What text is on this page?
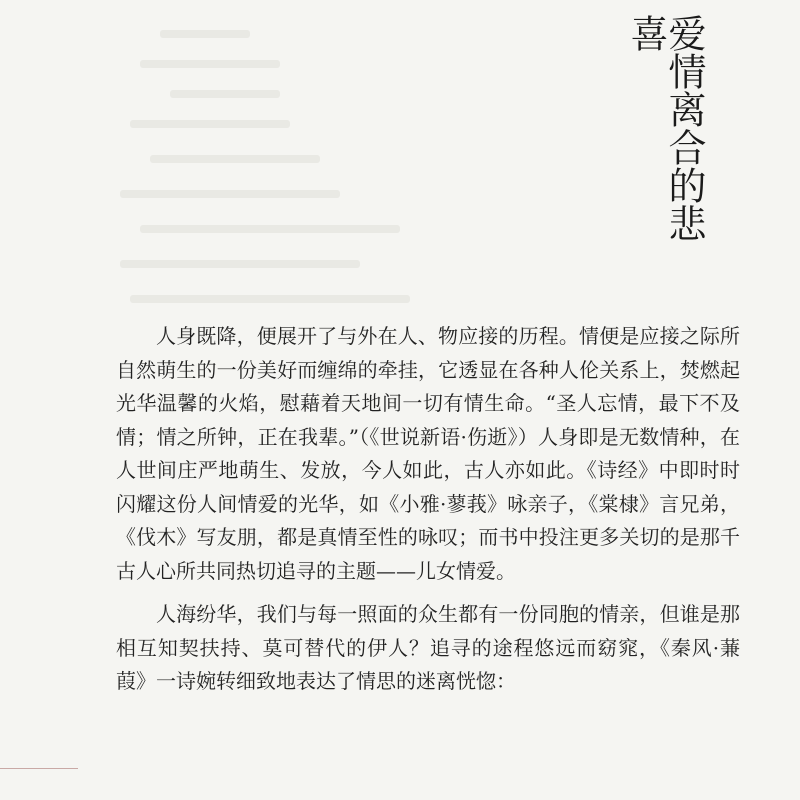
爱情离合的悲喜

人身既降，便展开了与外在人、物应接的历程。情便是应接之际所自然萌生的一份美好而缠绵的牵挂，它透显在各种人伦关系上，焚燃起光华温馨的火焰，慰藉着天地间一切有情生命。“圣人忘情，最下不及情；情之所钟，正在我辈。”（《世说新语·伤逝》）人身即是无数情种，在人世间庄严地萌生、发放，今人如此，古人亦如此。《诗经》中即时时闪耀这份人间情爱的光华，如《小雅·蓼莪》咏亲子，《棠棣》言兄弟，《伐木》写友朋，都是真情至性的咏叹；而书中投注更多关切的是那千古人心所共同热切追寻的主题——儿女情爱。

人海纷华，我们与每一照面的众生都有一份同胞的情亲，但谁是那相互知契扶持、莫可替代的伊人？追寻的途程悠远而窈窕，《秦风·蒹葭》一诗婉转细致地表达了情思的迷离恍惚：
